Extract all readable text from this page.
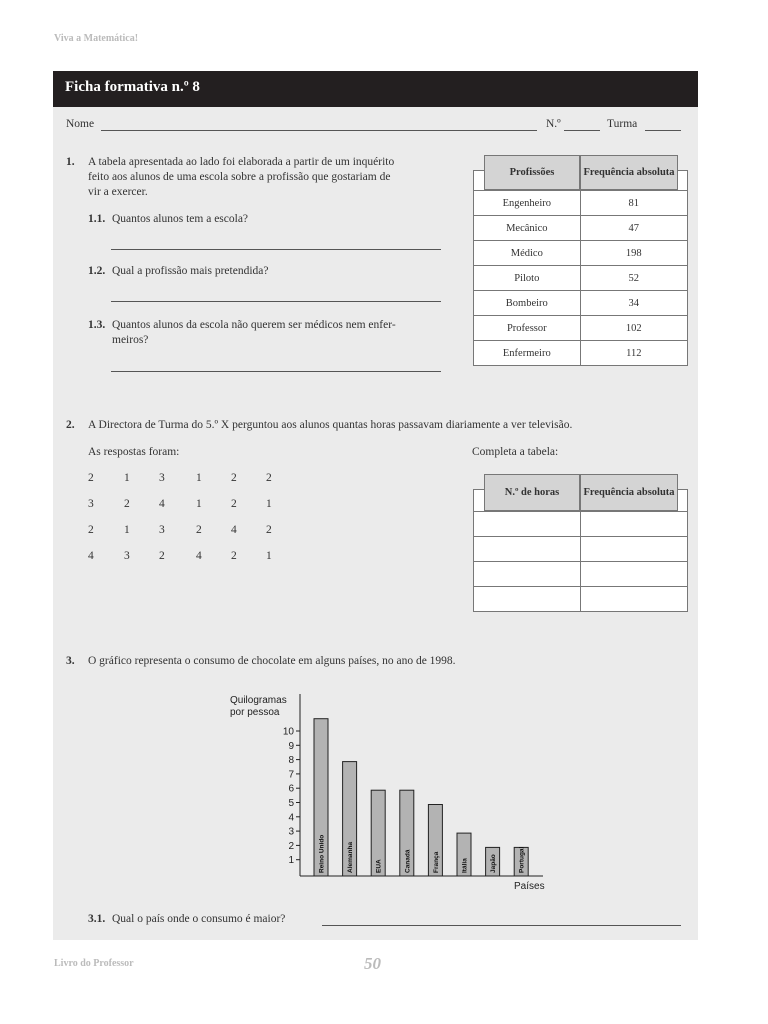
Viva a Matemática!
Ficha formativa n.º 8
Nome	N.º	Turma
1. A tabela apresentada ao lado foi elaborada a partir de um inquérito
feito aos alunos de uma escola sobre a profissão que gostariam de
vir a exercer.
1.1. Quantos alunos tem a escola?
1.2. Qual a profissão mais pretendida?
1.3. Quantos alunos da escola não querem ser médicos nem enfer-
meiros?

Engenheiro	81
Mecânico	47
Médico	198
Piloto	52
Bombeiro	34
Professor	102
Enfermeiro	112
Profissões	Frequência absoluta
2. A Directora de Turma do 5.º X perguntou aos alunos quantas horas passavam diariamente a ver televisão.
As respostas foram:	Completa a tabela:
2	1	3	1	2	2
3	2	4	1	2	1
2	1	3	2	4	2
4	3	2	4	2	1

N.º de horas	Frequência absoluta
3. O gráfico representa o consumo de chocolate em alguns países, no ano de 1998.
Quilogramas
por pessoa
Países
1
2
3
4
5
6
7
8
9
10
Reino Unido	Alemanha	EUA	Canadá	França	Itália	Japão	Portugal
3.1. Qual o país onde o consumo é maior?
Livro do Professor	50
